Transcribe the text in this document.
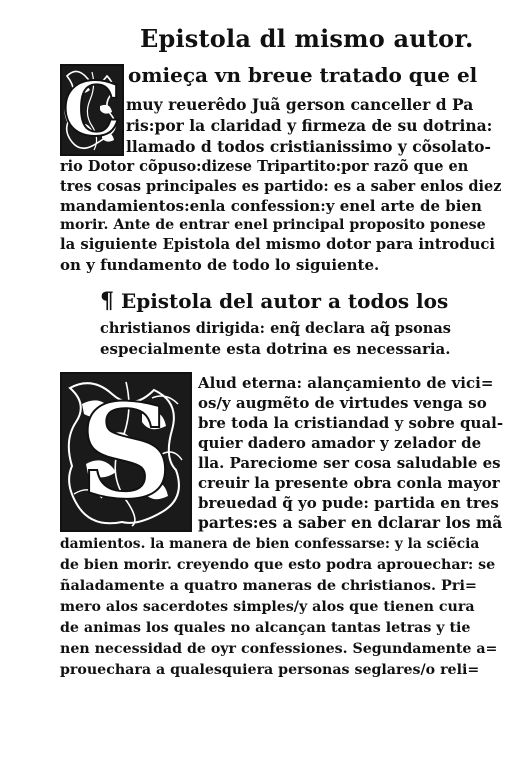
Epistola dl mismo autor.
C omieça vn breue tratado que el
muy reuerêdo Juã gerson canceller d Pa
ris:por la claridad y firmeza de su dotrina:
llamado d todos cristianissimo y cõsolato-
rio Dotor cõpuso:dizese Tripartito:por razõ que en
tres cosas principales es partido: es a saber enlos diez
mandamientos:enla confession:y enel arte de bien
morir. Ante de entrar enel principal proposito ponese
la siguiente Epistola del mismo dotor para introduci
on y fundamento de todo lo siguiente.
¶ Epistola del autor a todos los
christianos dirigida: enq̃ declara aq̃ psonas
especialmente esta dotrina es necessaria.
S Alud eterna: alançamiento de vici=
os/y augmẽto de virtudes venga so
bre toda la cristiandad y sobre qual-
quier dadero amador y zelador de
lla. Pareciome ser cosa saludable es
creuir la presente obra conla mayor
breuedad q̃ yo pude: partida en tres
partes:es a saber en dclarar los mã
damientos. la manera de bien confessarse: y la sciẽcia
de bien morir. creyendo que esto podra aprouechar: se
ñaladamente a quatro maneras de christianos. Pri=
mero alos sacerdotes simples/y alos que tienen cura
de animas los quales no alcançan tantas letras y tie
nen necessidad de oyr confessiones. Segundamente a=
prouechara a qualesquiera personas seglares/o reli=
